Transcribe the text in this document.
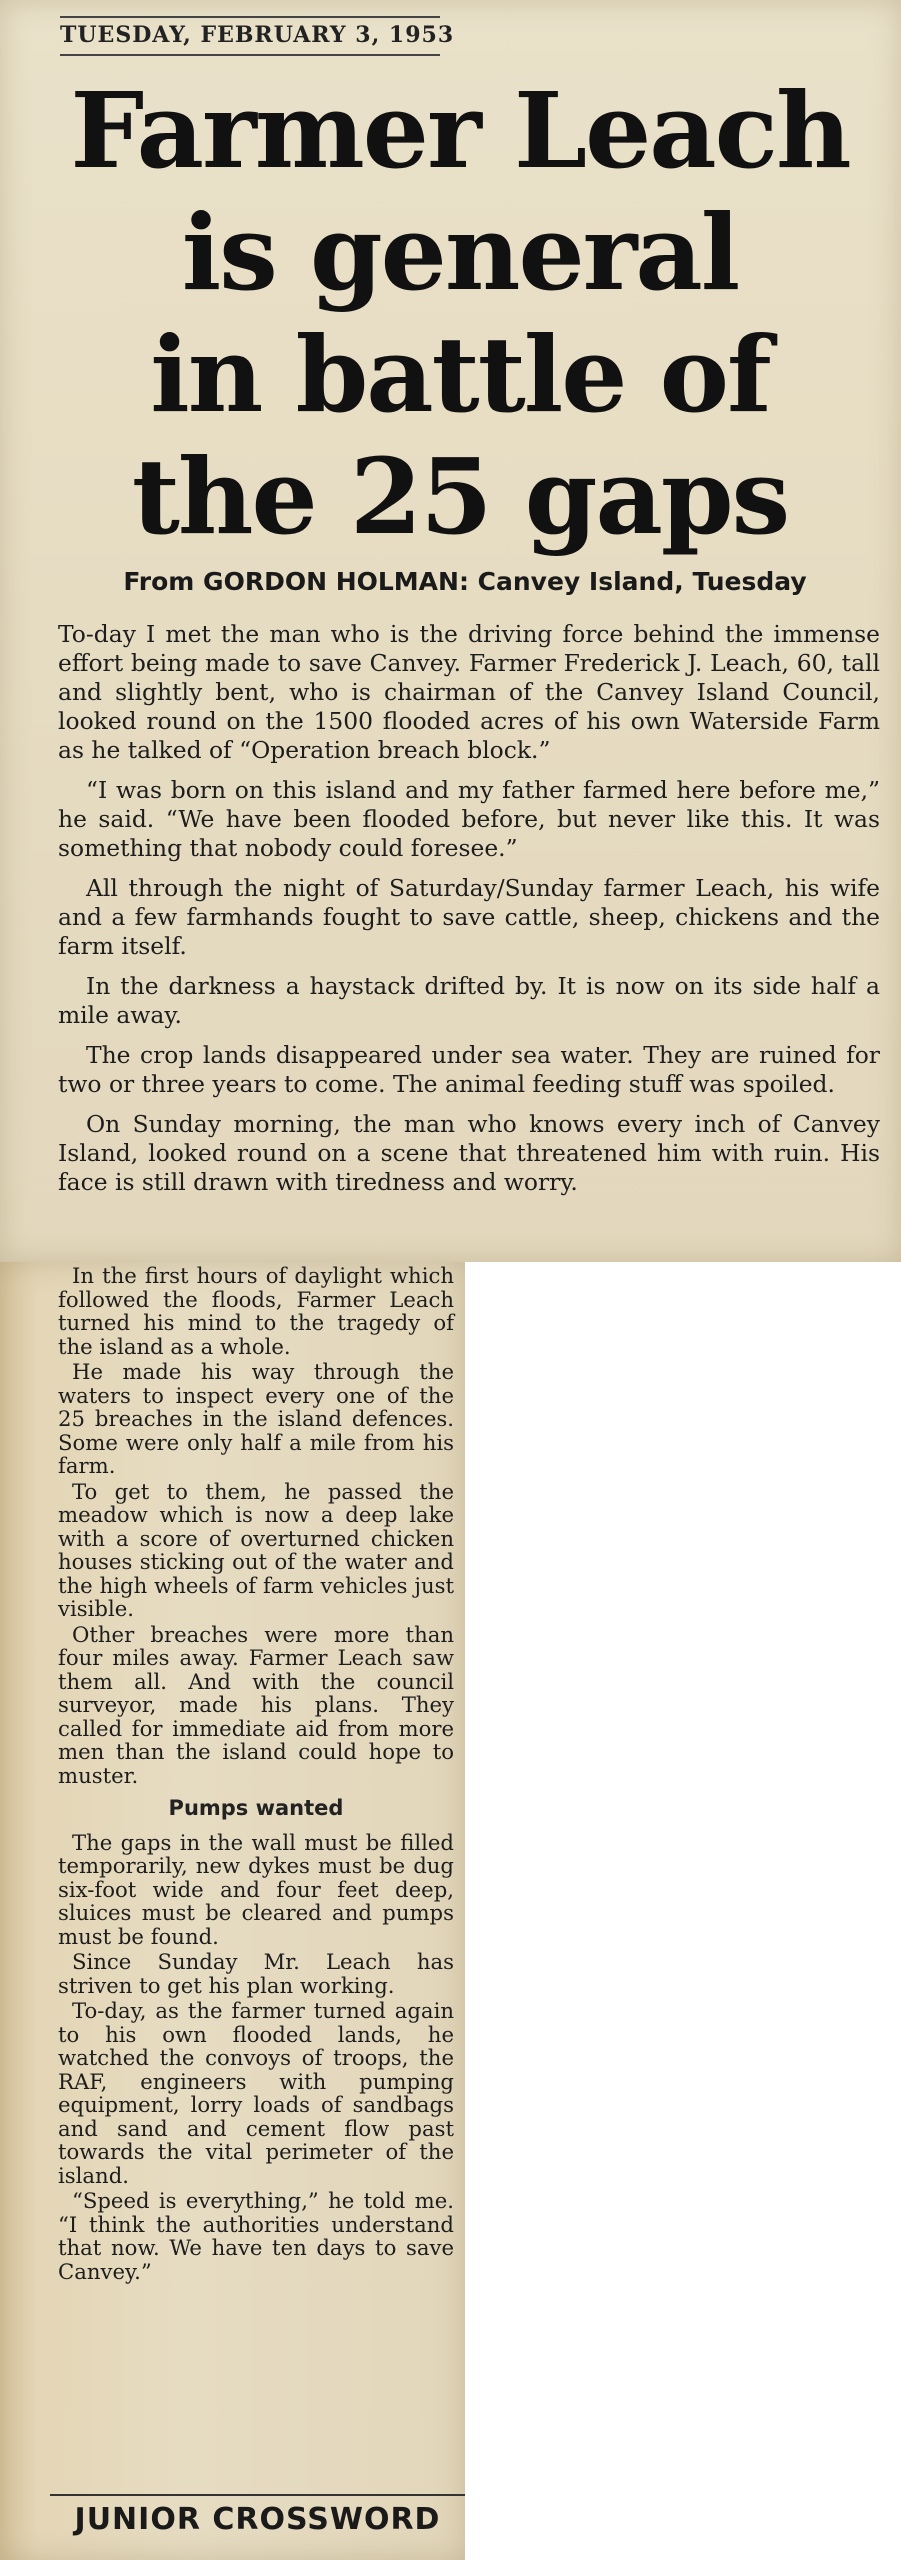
TUESDAY, FEBRUARY 3, 1953
Farmer Leach
is general
in battle of
the 25 gaps
From GORDON HOLMAN: Canvey Island, Tuesday

To-day I met the man who is the driving force behind the immense effort being made to save Canvey. Farmer Frederick J. Leach, 60, tall and slightly bent, who is chairman of the Canvey Island Council, looked round on the 1500 flooded acres of his own Waterside Farm as he talked of “Operation breach block.”

“I was born on this island and my father farmed here before me,” he said. “We have been flooded before, but never like this. It was something that nobody could foresee.”

All through the night of Saturday/Sunday farmer Leach, his wife and a few farmhands fought to save cattle, sheep, chickens and the farm itself.

In the darkness a haystack drifted by. It is now on its side half a mile away.

The crop lands disappeared under sea water. They are ruined for two or three years to come. The animal feeding stuff was spoiled.

On Sunday morning, the man who knows every inch of Canvey Island, looked round on a scene that threatened him with ruin. His face is still drawn with tiredness and worry.

In the first hours of daylight which followed the floods, Farmer Leach turned his mind to the tragedy of the island as a whole.

He made his way through the waters to inspect every one of the 25 breaches in the island defences. Some were only half a mile from his farm.

To get to them, he passed the meadow which is now a deep lake with a score of overturned chicken houses sticking out of the water and the high wheels of farm vehicles just visible.

Other breaches were more than four miles away. Farmer Leach saw them all. And with the council surveyor, made his plans. They called for immediate aid from more men than the island could hope to muster.

Pumps wanted

The gaps in the wall must be filled temporarily, new dykes must be dug six-foot wide and four feet deep, sluices must be cleared and pumps must be found.

Since Sunday Mr. Leach has striven to get his plan working.

To-day, as the farmer turned again to his own flooded lands, he watched the convoys of troops, the RAF, engineers with pumping equipment, lorry loads of sandbags and sand and cement flow past towards the vital perimeter of the island.

“Speed is everything,” he told me. “I think the authorities understand that now. We have ten days to save Canvey.”

JUNIOR CROSSWORD
